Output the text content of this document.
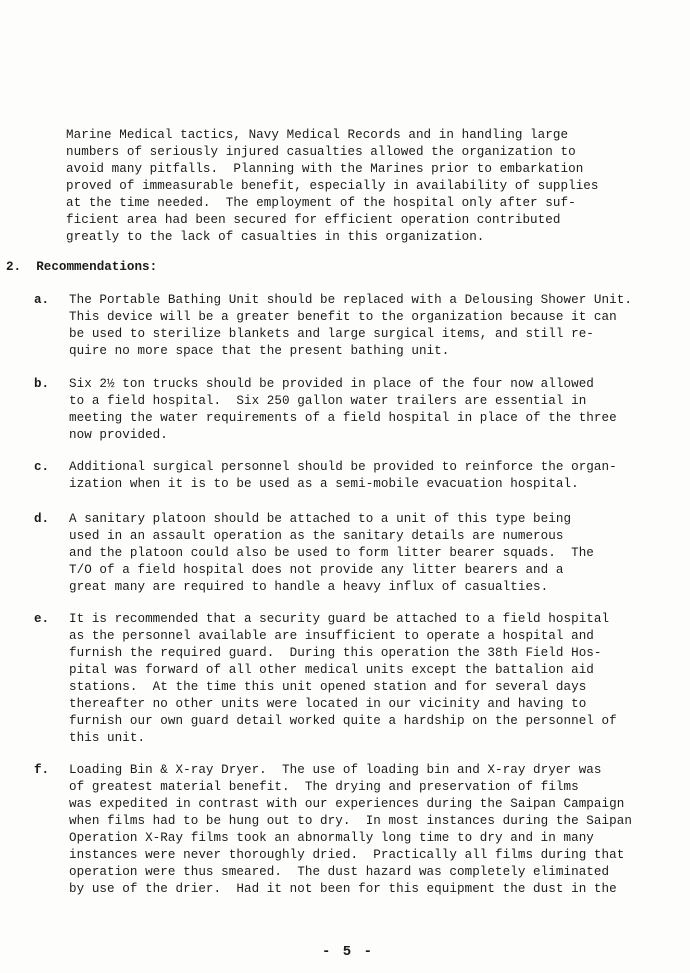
Marine Medical tactics, Navy Medical Records and in handling large
numbers of seriously injured casualties allowed the organization to
avoid many pitfalls.  Planning with the Marines prior to embarkation
proved of immeasurable benefit, especially in availability of supplies
at the time needed.  The employment of the hospital only after suf-
ficient area had been secured for efficient operation contributed
greatly to the lack of casualties in this organization.
2.  Recommendations:
a. The Portable Bathing Unit should be replaced with a Delousing Shower Unit.
This device will be a greater benefit to the organization because it can
be used to sterilize blankets and large surgical items, and still re-
quire no more space that the present bathing unit.
b. Six 2½ ton trucks should be provided in place of the four now allowed
to a field hospital.  Six 250 gallon water trailers are essential in
meeting the water requirements of a field hospital in place of the three
now provided.
c. Additional surgical personnel should be provided to reinforce the organ-
ization when it is to be used as a semi-mobile evacuation hospital.
d. A sanitary platoon should be attached to a unit of this type being
used in an assault operation as the sanitary details are numerous
and the platoon could also be used to form litter bearer squads.  The
T/O of a field hospital does not provide any litter bearers and a
great many are required to handle a heavy influx of casualties.
e. It is recommended that a security guard be attached to a field hospital
as the personnel available are insufficient to operate a hospital and
furnish the required guard.  During this operation the 38th Field Hos-
pital was forward of all other medical units except the battalion aid
stations.  At the time this unit opened station and for several days
thereafter no other units were located in our vicinity and having to
furnish our own guard detail worked quite a hardship on the personnel of
this unit.
f. Loading Bin & X-ray Dryer.  The use of loading bin and X-ray dryer was
of greatest material benefit.  The drying and preservation of films
was expedited in contrast with our experiences during the Saipan Campaign
when films had to be hung out to dry.  In most instances during the Saipan
Operation X-Ray films took an abnormally long time to dry and in many
instances were never thoroughly dried.  Practically all films during that
operation were thus smeared.  The dust hazard was completely eliminated
by use of the drier.  Had it not been for this equipment the dust in the
- 5 -
